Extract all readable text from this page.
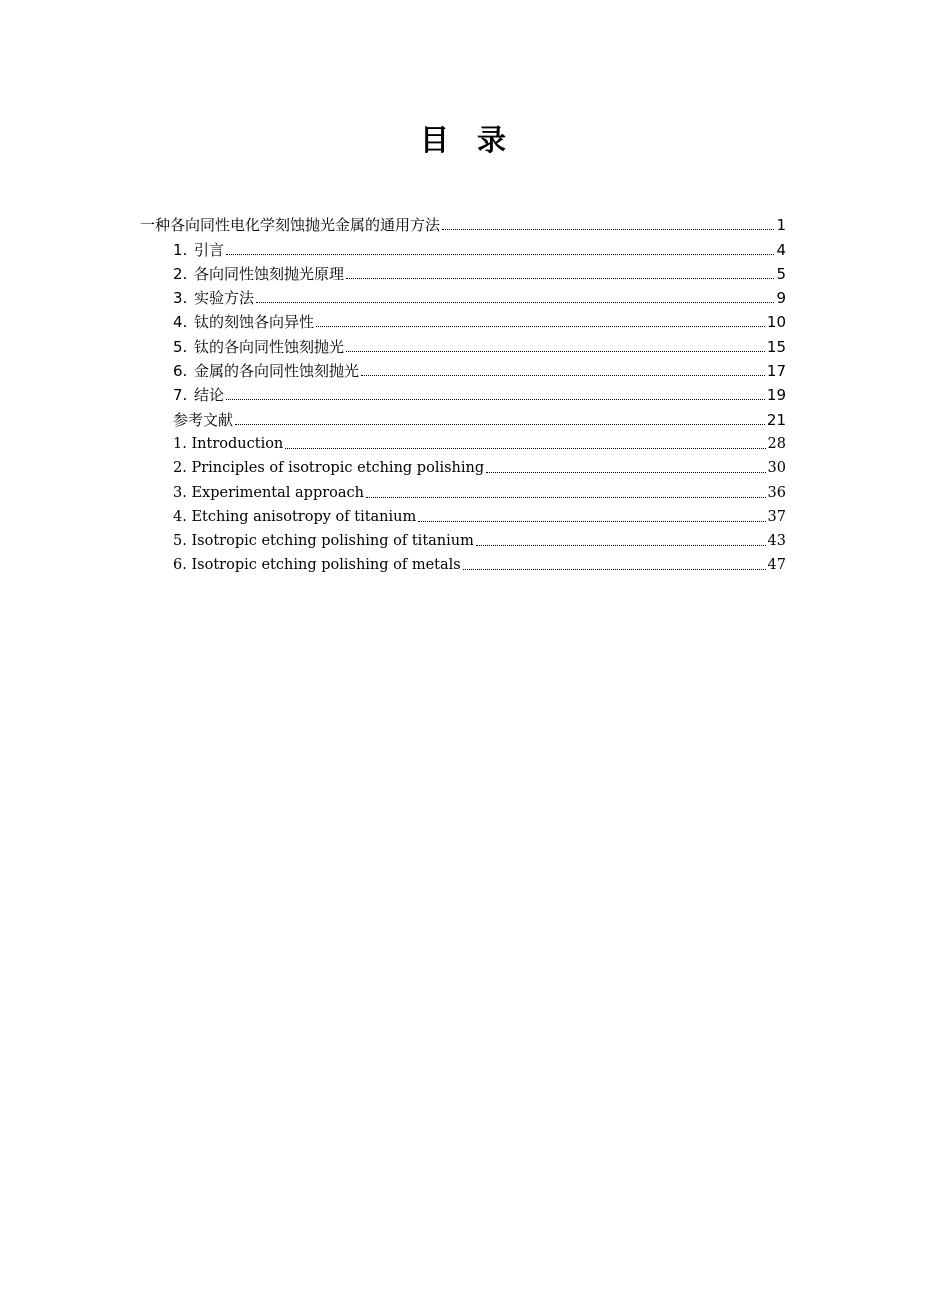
目 录
一种各向同性电化学刻蚀抛光金属的通用方法	1
1. 引言	4
2. 各向同性蚀刻抛光原理	5
3. 实验方法	9
4. 钛的刻蚀各向异性	10
5. 钛的各向同性蚀刻抛光	15
6. 金属的各向同性蚀刻抛光	17
7. 结论	19
参考文献	21
1. Introduction	28
2. Principles of isotropic etching polishing	30
3. Experimental approach	36
4. Etching anisotropy of titanium	37
5. Isotropic etching polishing of titanium	43
6. Isotropic etching polishing of metals	47
